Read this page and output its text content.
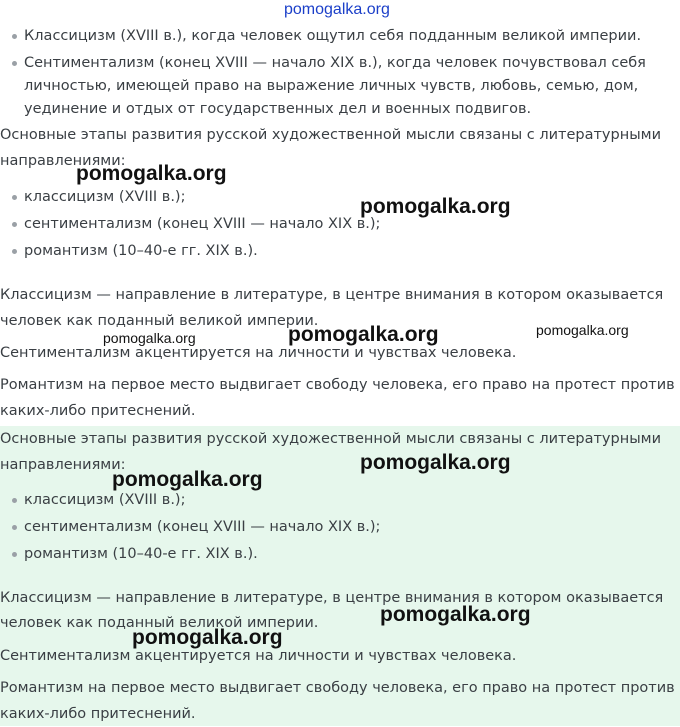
pomogalka.org
pomogalka.org
pomogalka.org
pomogalka.org
pomogalka.org	pomogalka.org
pomogalka.org
pomogalka.org
pomogalka.org
pomogalka.org
Классицизм (XVIII в.), когда человек ощутил себя подданным великой империи.
Сентиментализм (конец XVIII — начало XIX в.), когда человек почувствовал себя
личностью, имеющей право на выражение личных чувств, любовь, семью, дом,
уединение и отдых от государственных дел и военных подвигов.
Основные этапы развития русской художественной мысли связаны с литературными
направлениями:
классицизм (XVIII в.);
сентиментализм (конец XVIII — начало XIX в.);
романтизм (10–40-е гг. XIX в.).
Классицизм — направление в литературе, в центре внимания в котором оказывается
человек как поданный великой империи.
Сентиментализм акцентируется на личности и чувствах человека.
Романтизм на первое место выдвигает свободу человека, его право на протест против
каких-либо притеснений.
Основные этапы развития русской художественной мысли связаны с литературными
направлениями:
классицизм (XVIII в.);
сентиментализм (конец XVIII — начало XIX в.);
романтизм (10–40-е гг. XIX в.).
Классицизм — направление в литературе, в центре внимания в котором оказывается
человек как поданный великой империи.
Сентиментализм акцентируется на личности и чувствах человека.
Романтизм на первое место выдвигает свободу человека, его право на протест против
каких-либо притеснений.
